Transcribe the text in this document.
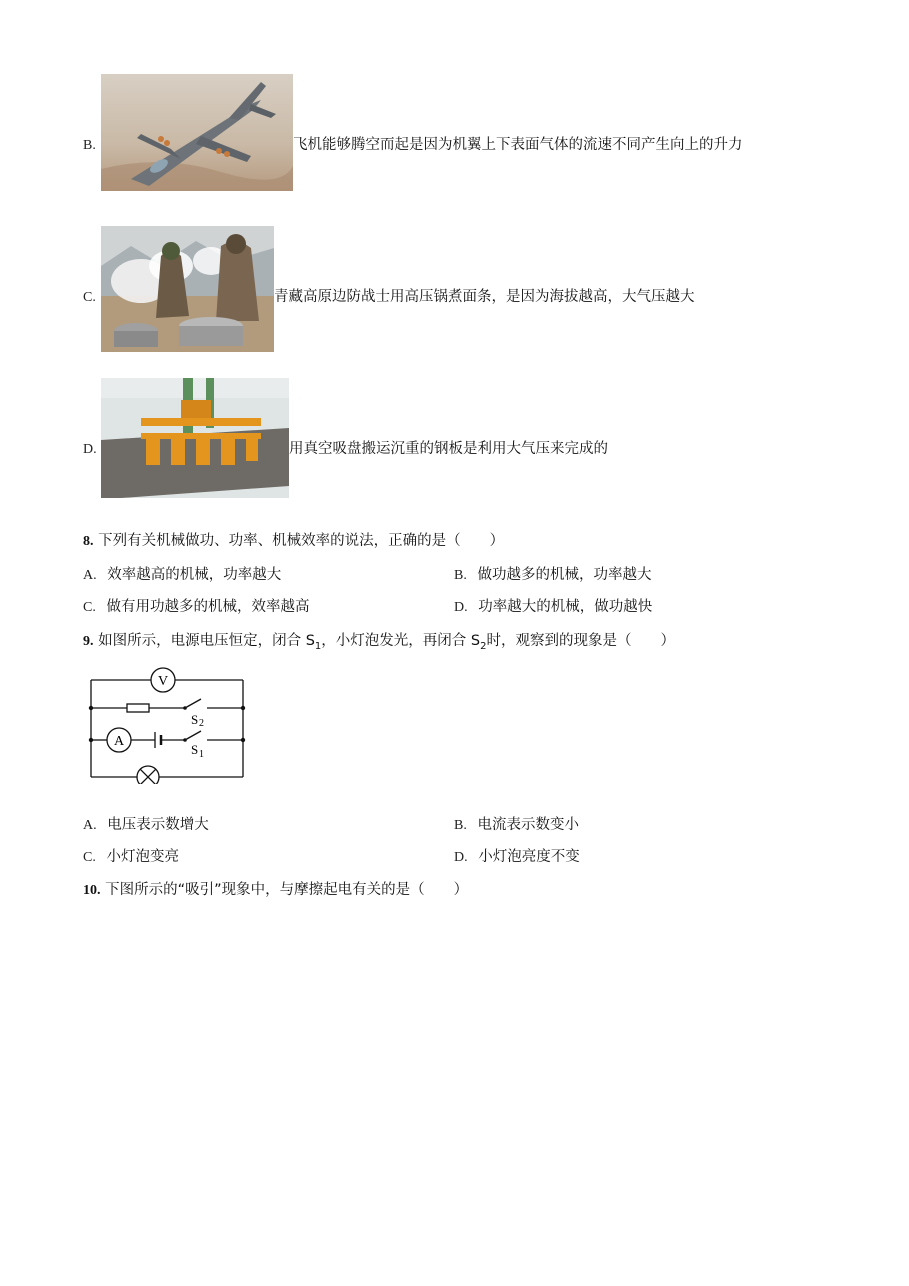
B.	飞机能够腾空而起是因为机翼上下表面气体的流速不同产生向上的升力
C.	青藏高原边防战士用高压锅煮面条，是因为海拔越高，大气压越大
D.	用真空吸盘搬运沉重的钢板是利用大气压来完成的
8. 下列有关机械做功、功率、机械效率的说法，正确的是（　　）
A. 效率越高的机械，功率越大	B. 做功越多的机械，功率越大
C. 做有用功越多的机械，效率越高	D. 功率越大的机械，做功越快
9. 如图所示，电源电压恒定，闭合 $S_1$，小灯泡发光，再闭合 $S_2$时，观察到的现象是（　　）
V
A
S 2
S 1
A. 电压表示数增大	B. 电流表示数变小
C. 小灯泡变亮	D. 小灯泡亮度不变
10. 下图所示的“吸引”现象中，与摩擦起电有关的是（　　）
